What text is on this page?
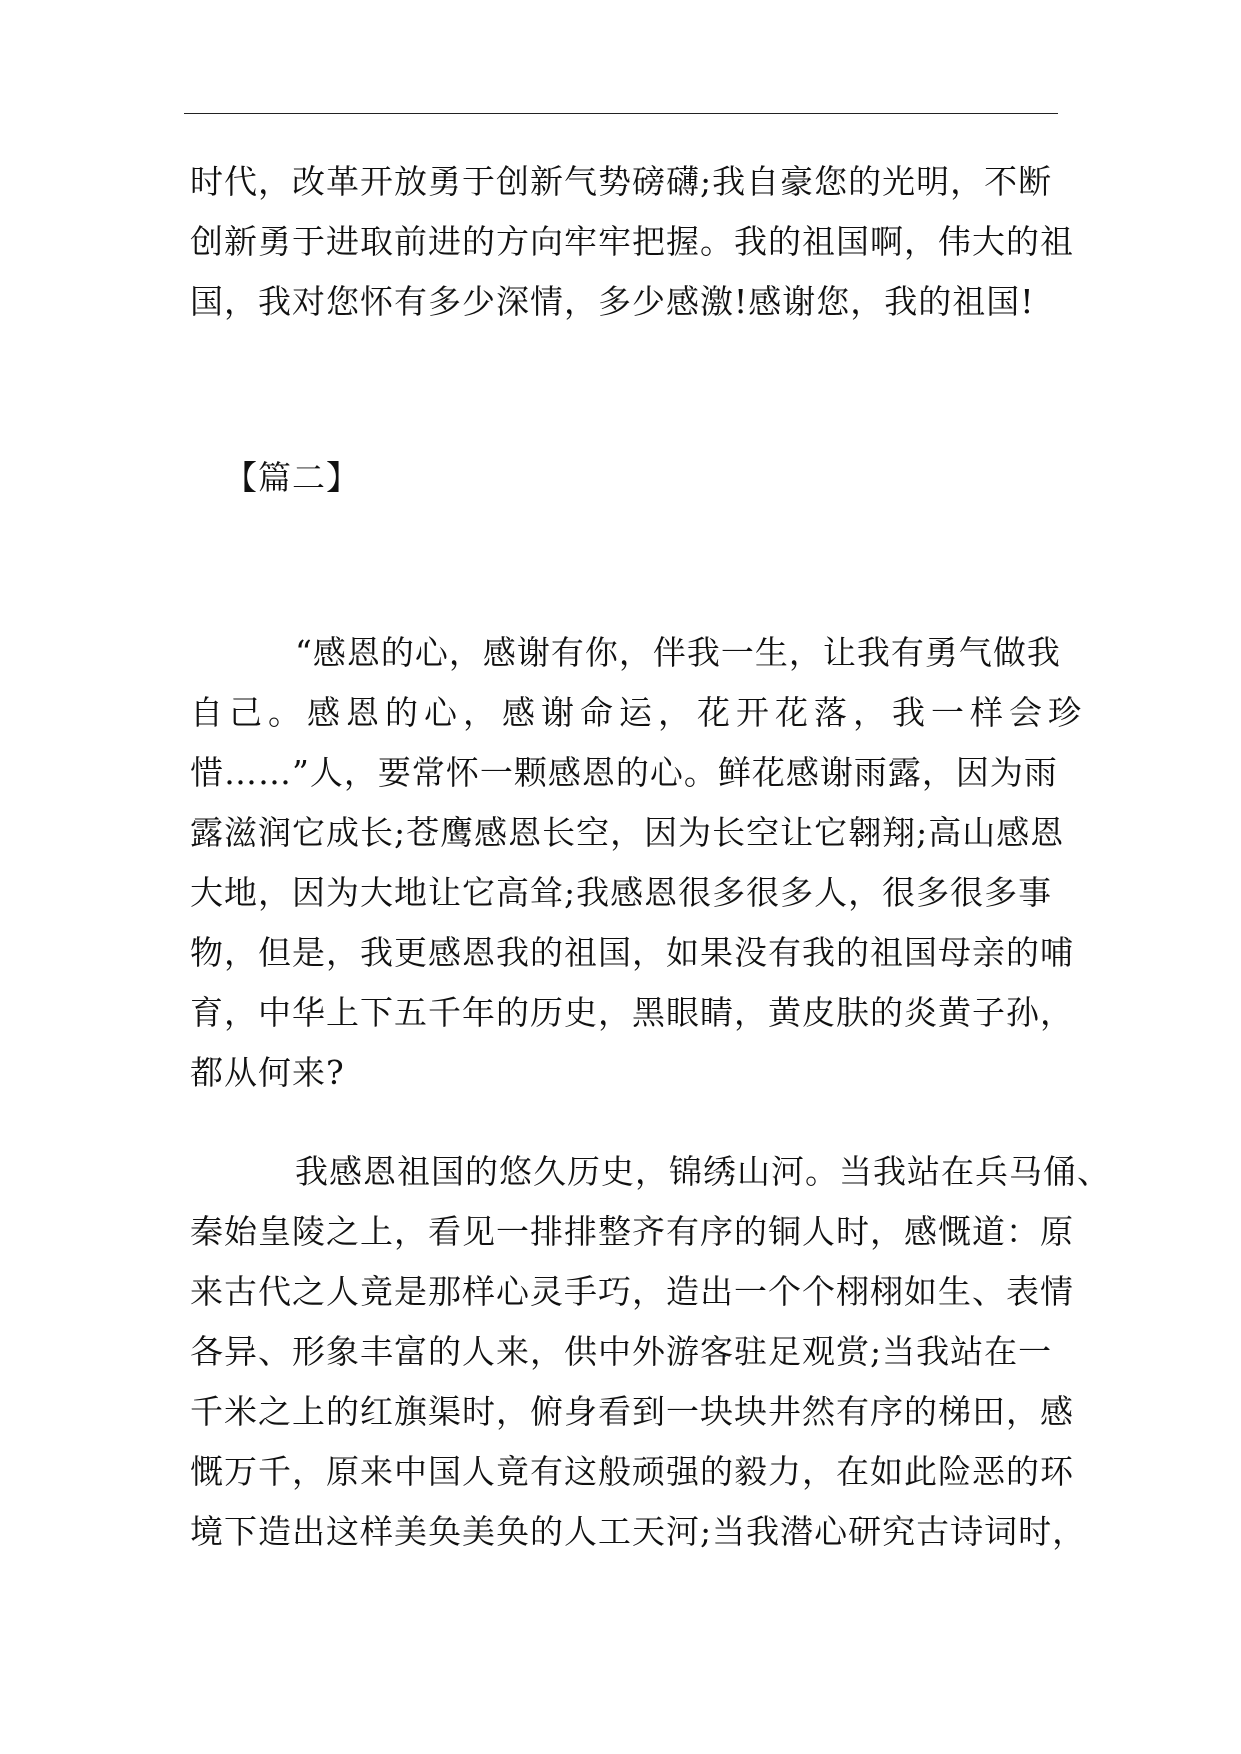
时代，改革开放勇于创新气势磅礴;我自豪您的光明，不断
创新勇于进取前进的方向牢牢把握。我的祖国啊，伟大的祖
国，我对您怀有多少深情，多少感激!感谢您，我的祖国!
【篇二】
“感恩的心，感谢有你，伴我一生，让我有勇气做我
自己。感恩的心，感谢命运，花开花落，我一样会珍
惜……”人，要常怀一颗感恩的心。鲜花感谢雨露，因为雨
露滋润它成长;苍鹰感恩长空，因为长空让它翱翔;高山感恩
大地，因为大地让它高耸;我感恩很多很多人，很多很多事
物，但是，我更感恩我的祖国，如果没有我的祖国母亲的哺
育，中华上下五千年的历史，黑眼睛，黄皮肤的炎黄子孙，
都从何来?
我感恩祖国的悠久历史，锦绣山河。当我站在兵马俑、
秦始皇陵之上，看见一排排整齐有序的铜人时，感慨道：原
来古代之人竟是那样心灵手巧，造出一个个栩栩如生、表情
各异、形象丰富的人来，供中外游客驻足观赏;当我站在一
千米之上的红旗渠时，俯身看到一块块井然有序的梯田，感
慨万千，原来中国人竟有这般顽强的毅力，在如此险恶的环
境下造出这样美奂美奂的人工天河;当我潜心研究古诗词时，
